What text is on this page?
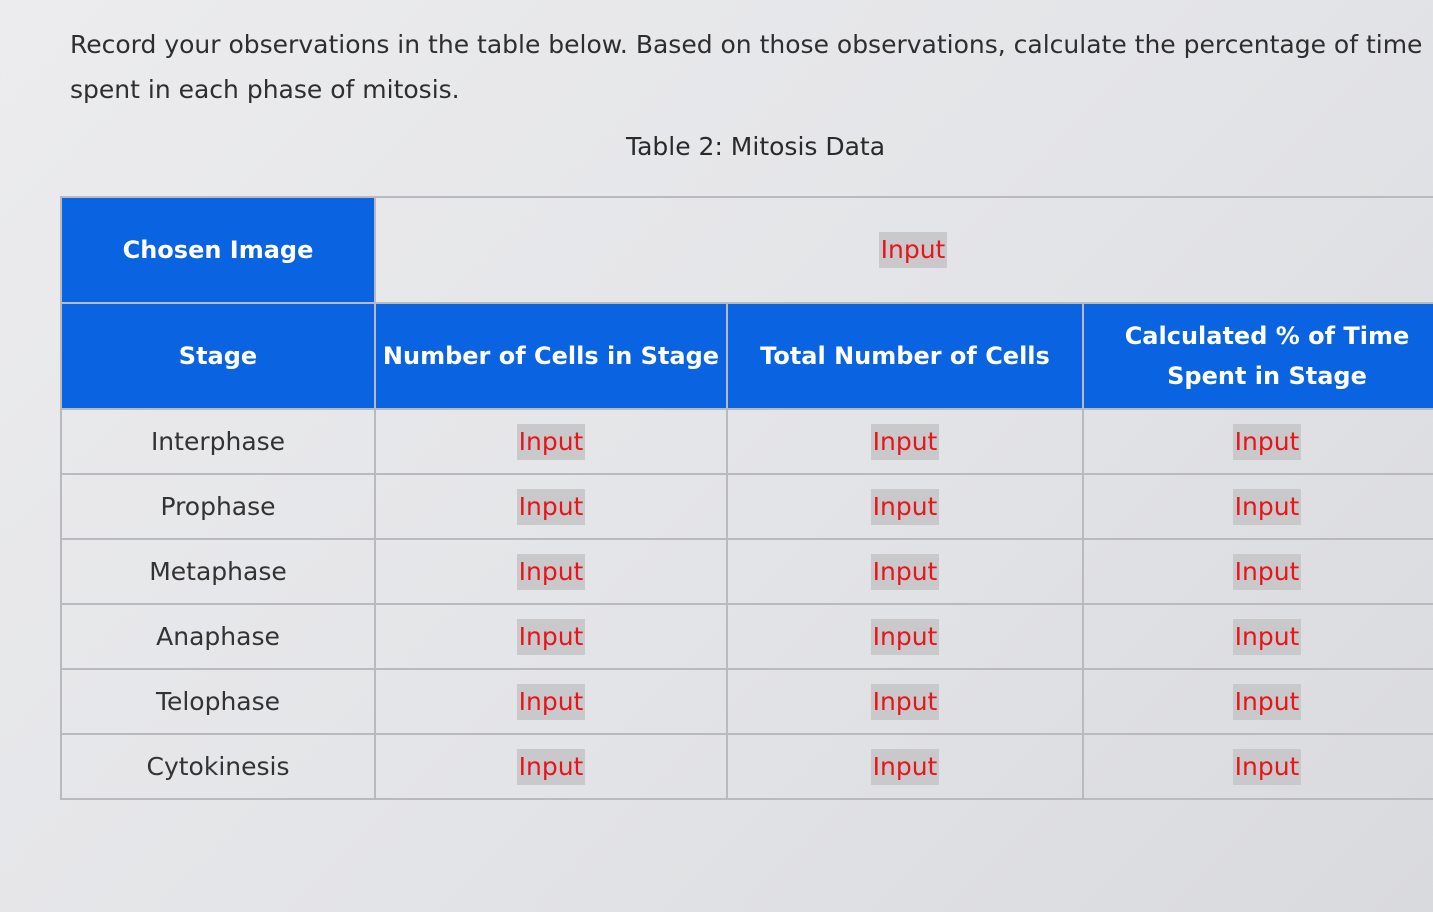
Record your observations in the table below. Based on those observations, calculate the percentage of time spent in each phase of mitosis.

Table 2: Mitosis Data

Chosen Image	Input		
Stage	Number of Cells in Stage	Total Number of Cells	Calculated % of Time Spent in Stage
Interphase	Input	Input	Input
Prophase	Input	Input	Input
Metaphase	Input	Input	Input
Anaphase	Input	Input	Input
Telophase	Input	Input	Input
Cytokinesis	Input	Input	Input
